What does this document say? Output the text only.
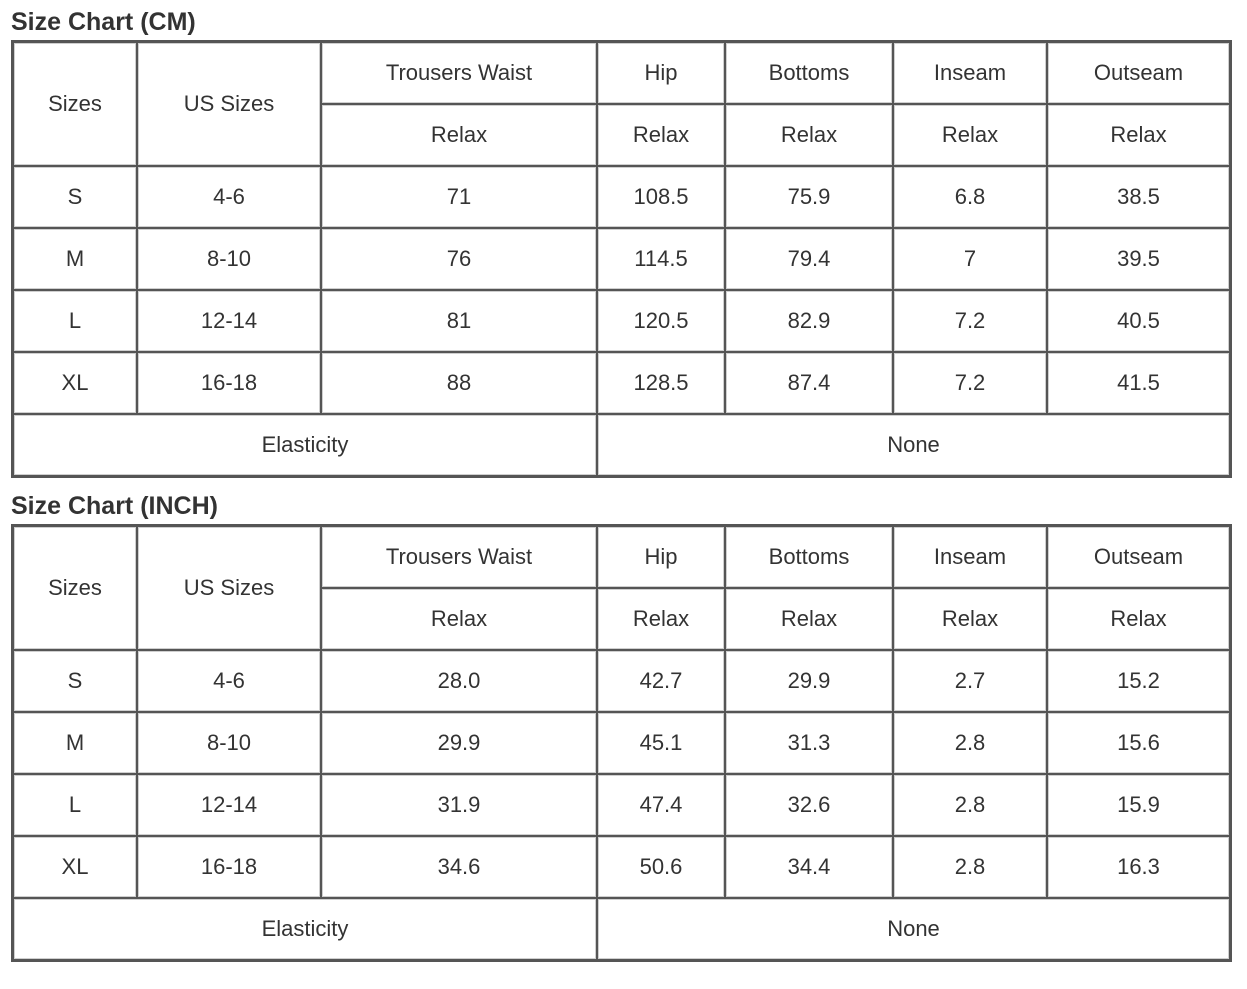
Size Chart (CM)
Sizes	US Sizes	Trousers Waist	Hip	Bottoms	Inseam	Outseam
		Relax	Relax	Relax	Relax	Relax
S	4-6	71	108.5	75.9	6.8	38.5
M	8-10	76	114.5	79.4	7	39.5
L	12-14	81	120.5	82.9	7.2	40.5
XL	16-18	88	128.5	87.4	7.2	41.5
Elasticity			None			
Size Chart (INCH)
Sizes	US Sizes	Trousers Waist	Hip	Bottoms	Inseam	Outseam
		Relax	Relax	Relax	Relax	Relax
S	4-6	28.0	42.7	29.9	2.7	15.2
M	8-10	29.9	45.1	31.3	2.8	15.6
L	12-14	31.9	47.4	32.6	2.8	15.9
XL	16-18	34.6	50.6	34.4	2.8	16.3
Elasticity			None			
